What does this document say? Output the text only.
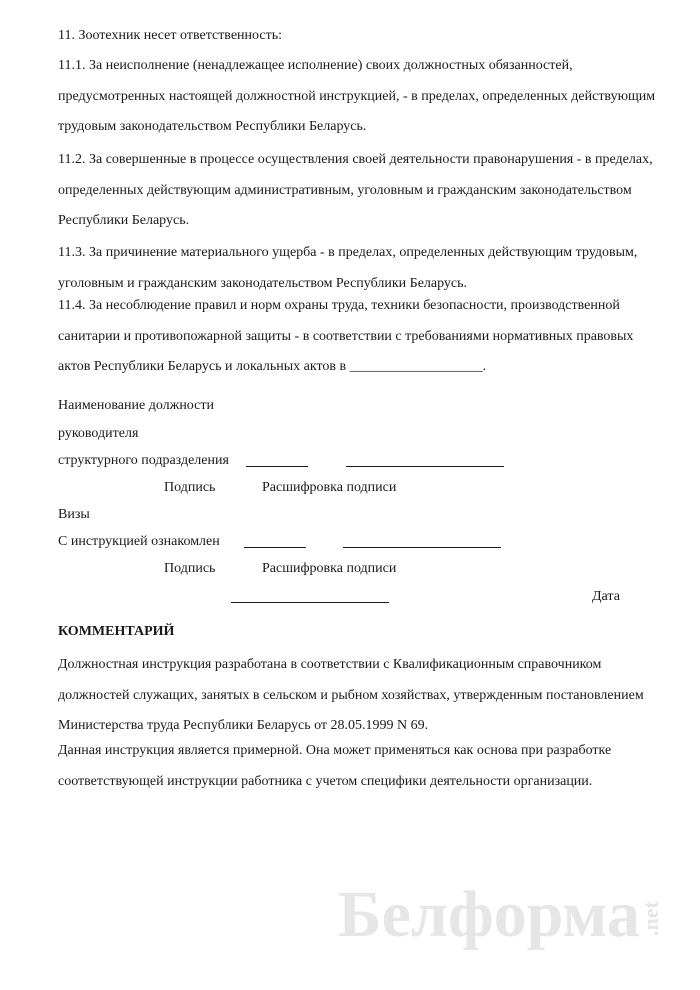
11. Зоотехник несет ответственность:

11.1. За неисполнение (ненадлежащее исполнение) своих должностных обязанностей,
предусмотренных настоящей должностной инструкцией, - в пределах, определенных действующим
трудовым законодательством Республики Беларусь.
11.2. За совершенные в процессе осуществления своей деятельности правонарушения - в пределах,
определенных действующим административным, уголовным и гражданским законодательством
Республики Беларусь.
11.3. За причинение материального ущерба - в пределах, определенных действующим трудовым,
уголовным и гражданским законодательством Республики Беларусь.
11.4. За несоблюдение правил и норм охраны труда, техники безопасности, производственной
санитарии и противопожарной защиты - в соответствии с требованиями нормативных правовых
актов Республики Беларусь и локальных актов в ___________________.

Наименование должности

руководителя

структурного подразделения

Подпись	Расшифровка подписи

Визы

С инструкцией ознакомлен

Подпись	Расшифровка подписи

Дата

КОММЕНТАРИЙ

Должностная инструкция разработана в соответствии с Квалификационным справочником
должностей служащих, занятых в сельском и рыбном хозяйствах, утвержденным постановлением
Министерства труда Республики Беларусь от 28.05.1999 N 69.
Данная инструкция является примерной. Она может применяться как основа при разработке
соответствующей инструкции работника с учетом специфики деятельности организации.
Белформа
.net
